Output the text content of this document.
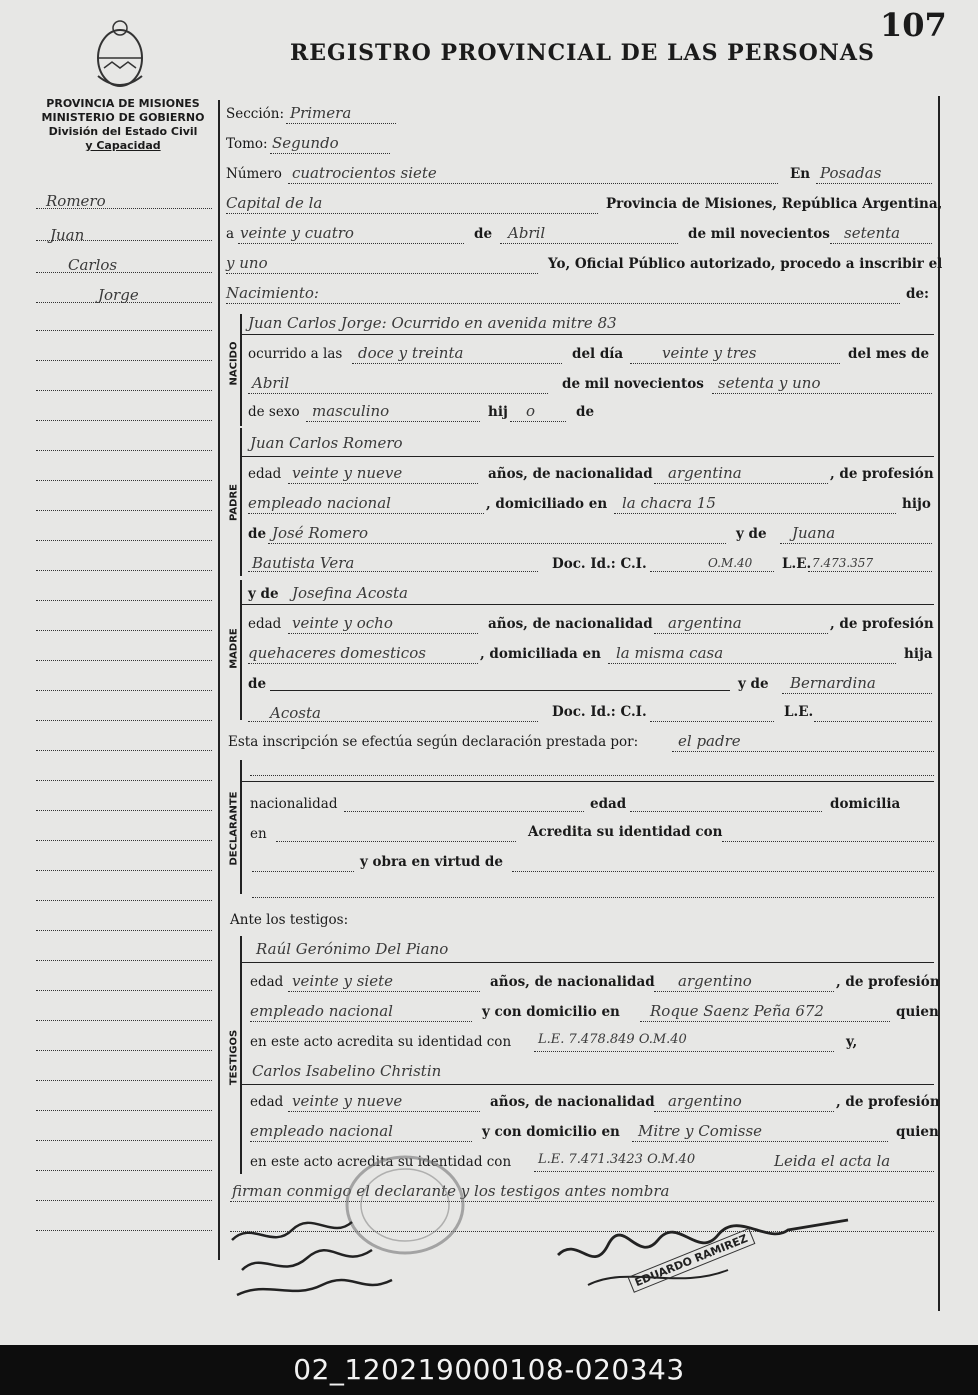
107
REGISTRO PROVINCIAL DE LAS PERSONAS
PROVINCIA DE MISIONES
MINISTERIO DE GOBIERNO
División del Estado Civil
y Capacidad
Romero
Juan
Carlos
Jorge
Sección: Primera
Tomo: Segundo
Número cuatrocientos siete	En Posadas
Capital de la	Provincia de Misiones, República Argentina,
a veinte y cuatro	de Abril	de mil novecientos setenta
y uno	Yo, Oficial Público autorizado, procedo a inscribir el
Nacimiento:	de:
NACIDO
Juan Carlos Jorge: Ocurrido en avenida mitre 83
ocurrido a las doce y treinta	del día	veinte y tres	del mes de
Abril	de mil novecientos setenta y uno
de sexo masculino	hij o	de
PADRE
Juan Carlos Romero
edad veinte y nueve	años, de nacionalidad argentina	, de profesión
empleado nacional	, domiciliado en la chacra 15	hijo
de José Romero	y de Juana
Bautista Vera	Doc. Id.: C.I.	O.M.40 L.E. 7.473.357
MADRE
y de Josefina Acosta
edad veinte y ocho	años, de nacionalidad argentina	, de profesión
quehaceres domesticos	, domiciliada en la misma casa	hija
de	y de Bernardina
Acosta	Doc. Id.: C.I.	L.E.
Esta inscripción se efectúa según declaración prestada por:	el padre
DECLARANTE nacionalidad	edad	domicilia
en	Acredita su identidad con
y obra en virtud de
Ante los testigos:
TESTIGOS
Raúl Gerónimo Del Piano
edad veinte y siete	años, de nacionalidad argentino	, de profesión
empleado nacional	y con domicilio en Roque Saenz Peña 672	quien
en este acto acredita su identidad con L.E. 7.478.849 O.M.40	y,
Carlos Isabelino Christin
edad veinte y nueve	años, de nacionalidad argentino	, de profesión
empleado nacional	y con domicilio en Mitre y Comisse	quien
en este acto acredita su identidad con L.E. 7.471.3423 O.M.40	Leida el acta la
firman conmigo el declarante y los testigos antes nombra
EDUARDO RAMIREZ
02_120219000108-020343
